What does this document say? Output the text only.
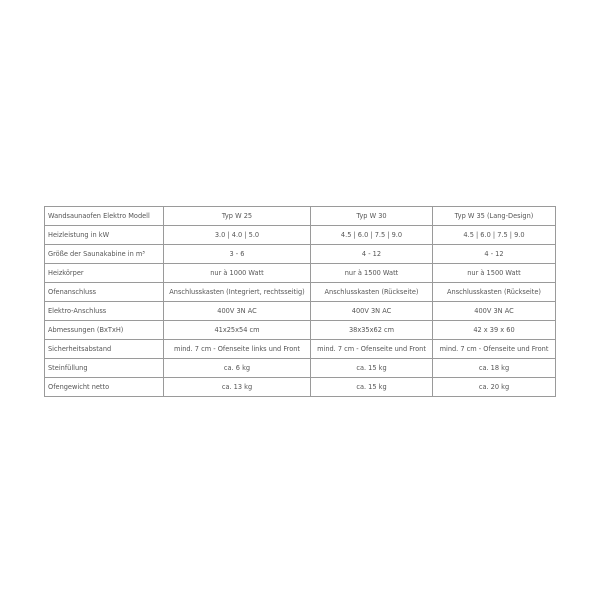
Wandsaunaofen Elektro Modell	Typ W 25	Typ W 30	Typ W 35 (Lang-Design)
Heizleistung in kW	3.0 | 4.0 | 5.0	4.5 | 6.0 | 7.5 | 9.0	4.5 | 6.0 | 7.5 | 9.0
Größe der Saunakabine in m³	3 - 6	4 - 12	4 - 12
Heizkörper	nur à 1000 Watt	nur à 1500 Watt	nur à 1500 Watt
Ofenanschluss	Anschlusskasten (Integriert, rechtsseitig)	Anschlusskasten (Rückseite)	Anschlusskasten (Rückseite)
Elektro-Anschluss	400V 3N AC	400V 3N AC	400V 3N AC
Abmessungen (BxTxH)	41x25x54 cm	38x35x62 cm	42 x 39 x 60
Sicherheitsabstand	mind. 7 cm - Ofenseite links und Front	mind. 7 cm - Ofenseite und Front	mind. 7 cm - Ofenseite und Front
Steinfüllung	ca. 6 kg	ca. 15 kg	ca. 18 kg
Ofengewicht netto	ca. 13 kg	ca. 15 kg	ca. 20 kg
